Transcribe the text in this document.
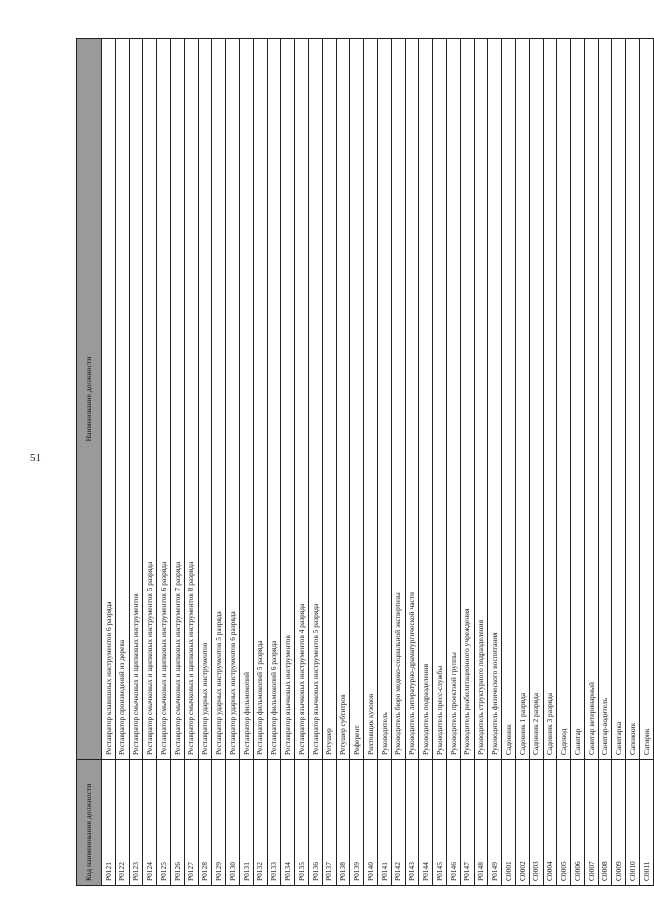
51
Код наименования должности	Наименование должности
Р0121	Реставратор клавишных инструментов 6 разряда
Р0122	Реставратор произведений из дерева
Р0123	Реставратор смычковых и щипковых инструментов
Р0124	Реставратор смычковых и щипковых инструментов 5 разряда
Р0125	Реставратор смычковых и щипковых инструментов 6 разряда
Р0126	Реставратор смычковых и щипковых инструментов 7 разряда
Р0127	Реставратор смычковых и щипковых инструментов 8 разряда
Р0128	Реставратор ударных инструментов
Р0129	Реставратор ударных инструментов 5 разряда
Р0130	Реставратор ударных инструментов 6 разряда
Р0131	Реставратор фильмокопий
Р0132	Реставратор фильмокопий 5 разряда
Р0133	Реставратор фильмокопий 6 разряда
Р0134	Реставратор язычковых инструментов
Р0135	Реставратор язычковых инструментов 4 разряда
Р0136	Реставратор язычковых инструментов 5 разряда
Р0137	Ретушер
Р0138	Ретушер субтитров
Р0139	Референт
Р0140	Рихтовщик кузовов
Р0141	Руководитель
Р0142	Руководитель бюро медико-социальной экспертизы
Р0143	Руководитель литературно-драматургической части
Р0144	Руководитель подразделения
Р0145	Руководитель пресс-службы
Р0146	Руководитель проектной группы
Р0147	Руководитель реабилитационного учреждения
Р0148	Руководитель структурного подразделения
Р0149	Руководитель физического воспитания
С0001	Садовник
С0002	Садовник 1 разряда
С0003	Садовник 2 разряда
С0004	Садовник 3 разряда
С0005	Садовод
С0006	Санитар
С0007	Санитар ветеринарный
С0008	Санитар-водитель
С0009	Санитарка
С0010	Сапожник
С0011	Сатирик
